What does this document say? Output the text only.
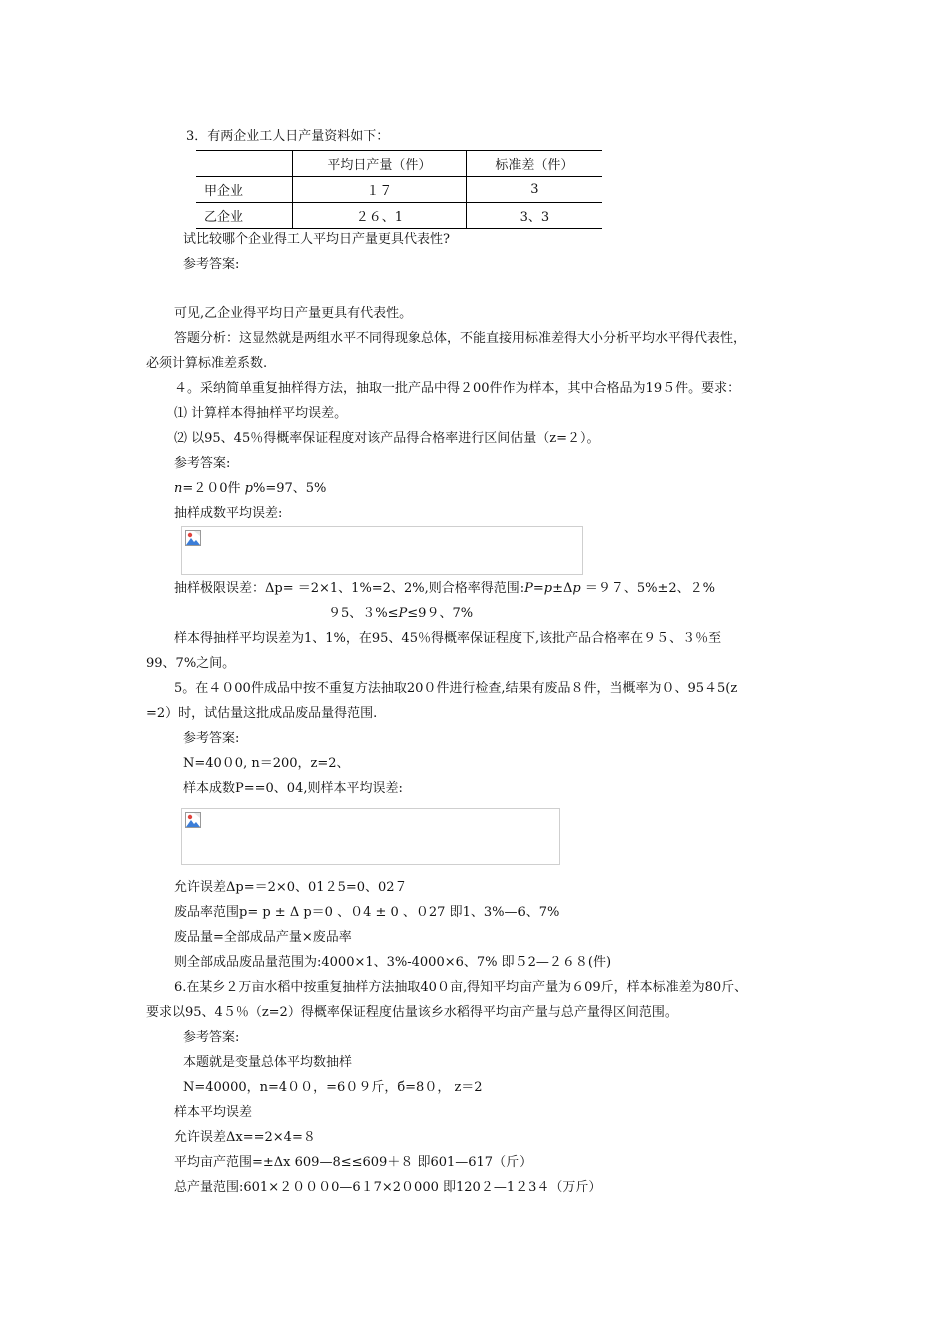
3．有两企业工人日产量资料如下：
	平均日产量（件）	标准差（件）
甲企业	１７	3
乙企业	２６、1	3、3
试比较哪个企业得工人平均日产量更具代表性?
参考答案:
可见,乙企业得平均日产量更具有代表性。
答题分析：这显然就是两组水平不同得现象总体，不能直接用标准差得大小分析平均水平得代表性，
必须计算标准差系数.
４。采纳简单重复抽样得方法，抽取一批产品中得２00件作为样本，其中合格品为19５件。要求：
⑴ 计算样本得抽样平均误差。
⑵ 以95、45％得概率保证程度对该产品得合格率进行区间估量（z=２）。
参考答案:
n=２０0件 p%=97、5%
抽样成数平均误差:
抽样极限误差：Δp= ＝2×1、1%=2、2%,则合格率得范围:P=p±Δp ＝９７、5%±2、２%
９5、３%≤P≤9９、7%
样本得抽样平均误差为1、1%，在95、45％得概率保证程度下,该批产品合格率在９５、３％至
99、7%之间。
5。在４０00件成品中按不重复方法抽取20０件进行检查,结果有废品８件，当概率为０、95４5(z
=2）时，试估量这批成品废品量得范围.
参考答案:
N=40０0, n＝200，z=2、
样本成数P==0、04,则样本平均误差:
允许误差Δp=＝2×0、01２5=0、02７
废品率范围p= p ± Δ p＝0 、０4 ± 0 、０27 即1、3%—6、7%
废品量=全部成品产量×废品率
则全部成品废品量范围为:4000×1、3%-4000×6、7% 即５2—２６８(件)
6.在某乡２万亩水稻中按重复抽样方法抽取40０亩,得知平均亩产量为６09斤，样本标准差为80斤、
要求以95、4５％（z=2）得概率保证程度估量该乡水稻得平均亩产量与总产量得区间范围。
参考答案:
本题就是变量总体平均数抽样
N=40000，n=4００，=6０９斤，б=8０， z＝2
样本平均误差
允许误差Δx==2×4=８
平均亩产范围=±Δx 609—8≤≤609＋８ 即601—617（斤）
总产量范围:601×２０００0—6１7×2０000 即120２—1２3４（万斤）
